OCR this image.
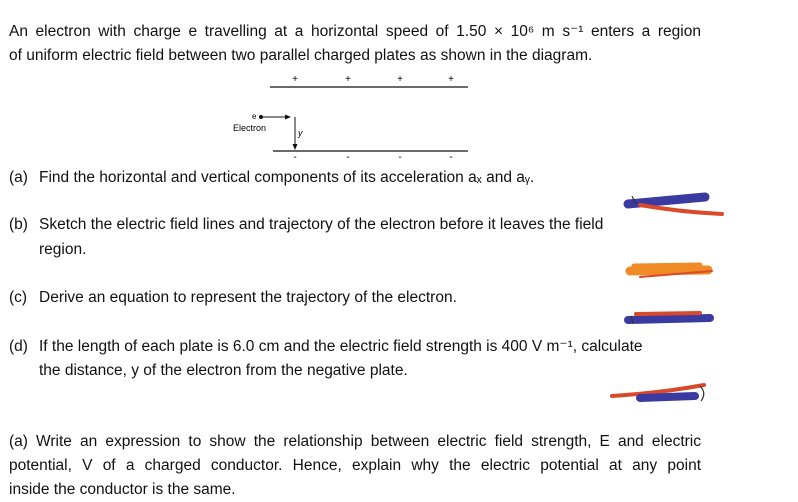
An electron with charge e travelling at a horizontal speed of 1.50 × 10⁶ m s⁻¹ enters a region
of uniform electric field between two parallel charged plates as shown in the diagram.
+	+	+	+
-	-	-	-
e
Electron	y
(a) Find the horizontal and vertical components of its acceleration aₓ and aᵧ.
(b) Sketch the electric field lines and trajectory of the electron before it leaves the field
region.
(c) Derive an equation to represent the trajectory of the electron.
(d) If the length of each plate is 6.0 cm and the electric field strength is 400 V m⁻¹, calculate
the distance, y of the electron from the negative plate.
(a) Write an expression to show the relationship between electric field strength, E and electric
potential, V of a charged conductor. Hence, explain why the electric potential at any point
inside the conductor is the same.
